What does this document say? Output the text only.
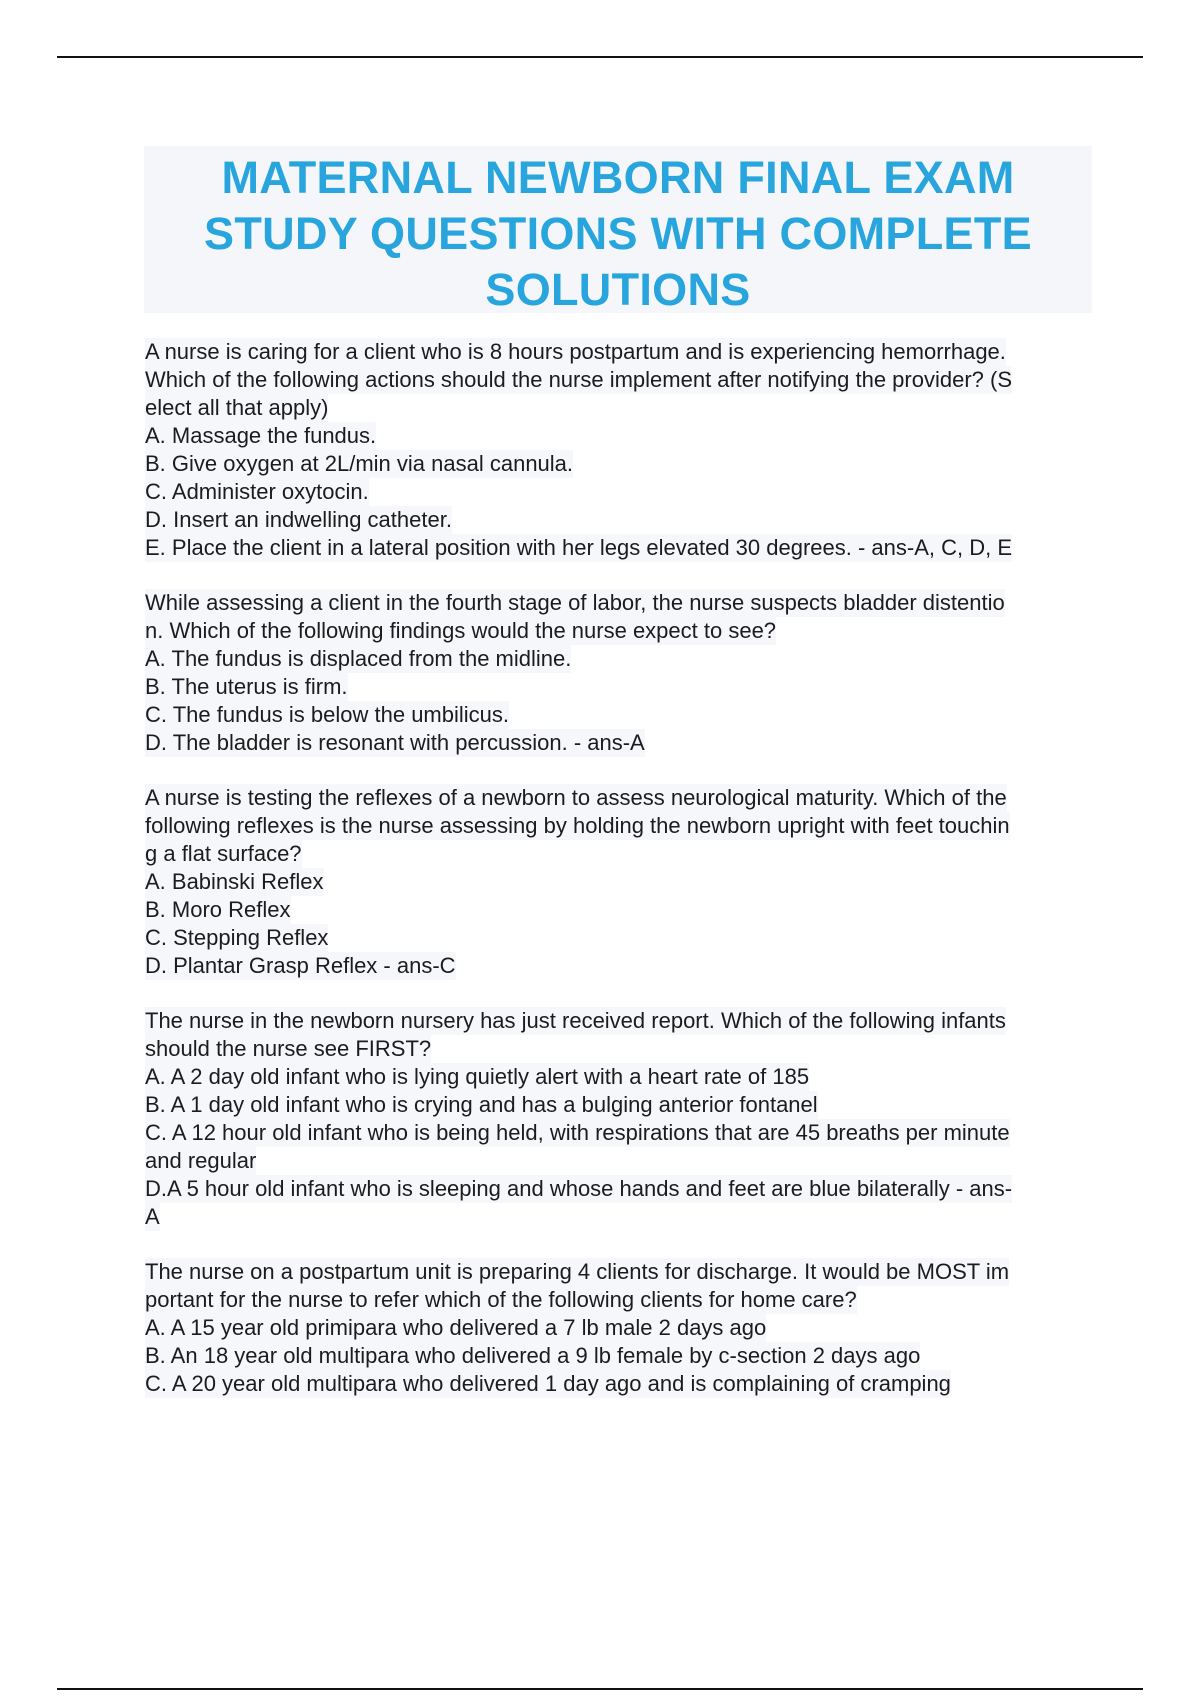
MATERNAL NEWBORN FINAL EXAM
STUDY QUESTIONS WITH COMPLETE
SOLUTIONS
A nurse is caring for a client who is 8 hours postpartum and is experiencing hemorrhage.
Which of the following actions should the nurse implement after notifying the provider? (S
elect all that apply)
A. Massage the fundus.
B. Give oxygen at 2L/min via nasal cannula.
C. Administer oxytocin.
D. Insert an indwelling catheter.
E. Place the client in a lateral position with her legs elevated 30 degrees. - ans-A, C, D, E
While assessing a client in the fourth stage of labor, the nurse suspects bladder distentio
n. Which of the following findings would the nurse expect to see?
A. The fundus is displaced from the midline.
B. The uterus is firm.
C. The fundus is below the umbilicus.
D. The bladder is resonant with percussion. - ans-A
A nurse is testing the reflexes of a newborn to assess neurological maturity. Which of the
following reflexes is the nurse assessing by holding the newborn upright with feet touchin
g a flat surface?
A. Babinski Reflex
B. Moro Reflex
C. Stepping Reflex
D. Plantar Grasp Reflex - ans-C
The nurse in the newborn nursery has just received report. Which of the following infants
should the nurse see FIRST?
A. A 2 day old infant who is lying quietly alert with a heart rate of 185
B. A 1 day old infant who is crying and has a bulging anterior fontanel
C. A 12 hour old infant who is being held, with respirations that are 45 breaths per minute
and regular
D.A 5 hour old infant who is sleeping and whose hands and feet are blue bilaterally - ans-
A
The nurse on a postpartum unit is preparing 4 clients for discharge. It would be MOST im
portant for the nurse to refer which of the following clients for home care?
A. A 15 year old primipara who delivered a 7 lb male 2 days ago
B. An 18 year old multipara who delivered a 9 lb female by c-section 2 days ago
C. A 20 year old multipara who delivered 1 day ago and is complaining of cramping
